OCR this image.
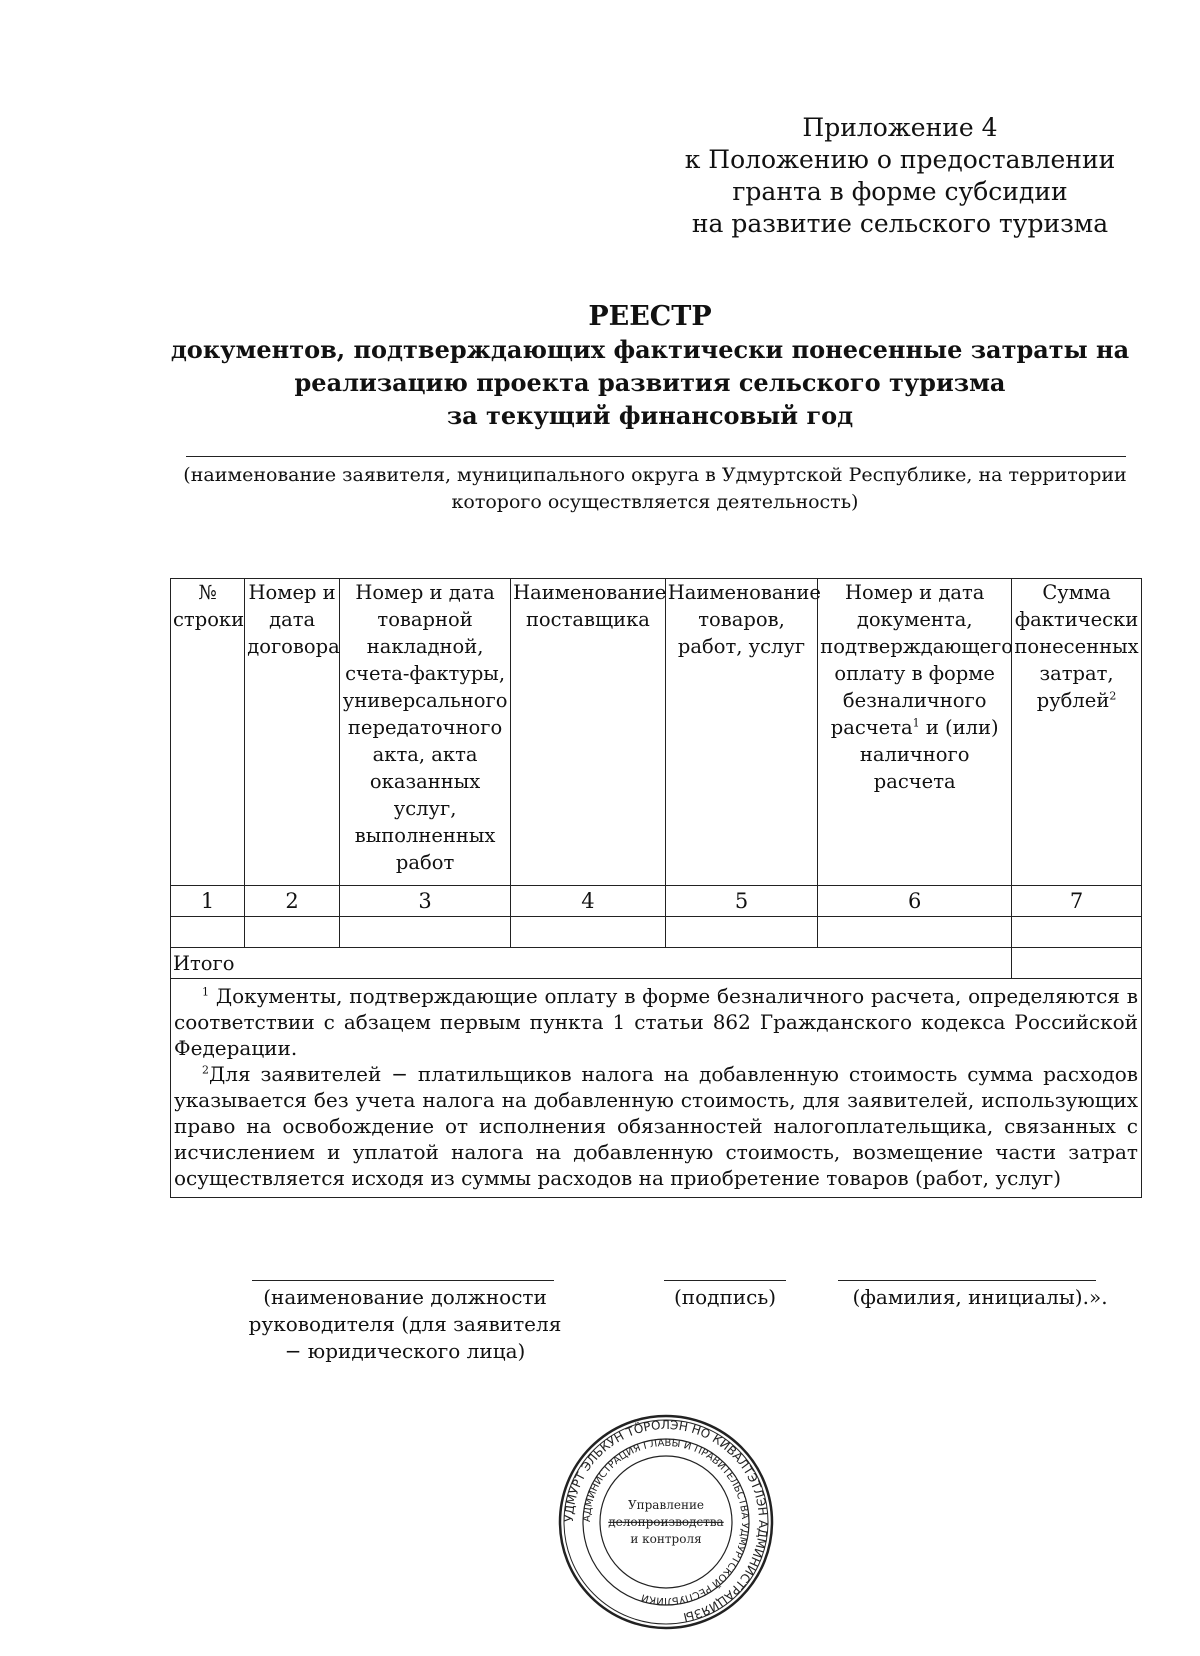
Приложение 4
к Положению о предоставлении
гранта в форме субсидии
на развитие сельского туризма
РЕЕСТР
документов, подтверждающих фактически понесенные затраты на
реализацию проекта развития сельского туризма
за текущий финансовый год
(наименование заявителя, муниципального округа в Удмуртской Республике, на территории которого осуществляется деятельность)
№ строки	Номер и дата договора	Номер и дата товарной накладной, счета-фактуры, универсального передаточного акта, акта оказанных услуг, выполненных работ	Наименование поставщика	Наименование товаров, работ, услуг	Номер и дата документа, подтверждающего оплату в форме безналичного расчета$^1$ и (или) наличного расчета	Сумма фактически понесенных затрат, рублей$^2$
1	2	3	4	5	6	7

Итого						

$^1$ Документы, подтверждающие оплату в форме безналичного расчета, определяются в соответствии с абзацем первым пункта 1 статьи 862 Гражданского кодекса Российской Федерации.

$^2$Для заявителей − платильщиков налога на добавленную стоимость сумма расходов указывается без учета налога на добавленную стоимость, для заявителей, использующих право на освобождение от исполнения обязанностей налогоплательщика, связанных с исчислением и уплатой налога на добавленную стоимость, возмещение части затрат осуществляется исходя из суммы расходов на приобретение товаров (работ, услуг)						

(наименование должности руководителя (для заявителя − юридического лица)
(подпись)	(фамилия, инициалы).».
УДМУРТ ЭЛЬКУН ТӦРОЛЭН НО КИВАЛТЭТЛЭН АДМИНИСТРАЦИЯЗЫ
АДМИНИСТРАЦИЯ ГЛАВЫ И ПРАВИТЕЛЬСТВА УДМУРТСКОЙ РЕСПУБЛИКИ
Управление
делопроизводства
и контроля
